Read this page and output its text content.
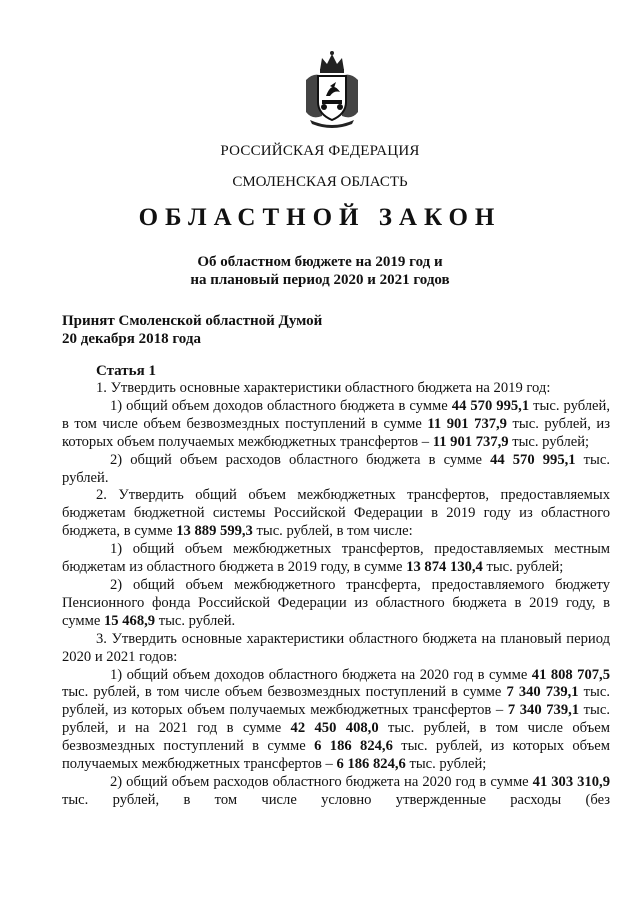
РОССИЙСКАЯ ФЕДЕРАЦИЯ
СМОЛЕНСКАЯ ОБЛАСТЬ
ОБЛАСТНОЙ ЗАКОН
Об областном бюджете на 2019 год и
на плановый период 2020 и 2021 годов
Принят Смоленской областной Думой
20 декабря 2018 года
Статья 1

1. Утвердить основные характеристики областного бюджета на 2019 год:

1) общий объем доходов областного бюджета в сумме 44 570 995,1 тыс. рублей, в том числе объем безвозмездных поступлений в сумме 11 901 737,9 тыс. рублей, из которых объем получаемых межбюджетных трансфертов – 11 901 737,9 тыс. рублей;

2) общий объем расходов областного бюджета в сумме 44 570 995,1 тыс. рублей.

2. Утвердить общий объем межбюджетных трансфертов, предоставляемых бюджетам бюджетной системы Российской Федерации в 2019 году из областного бюджета, в сумме 13 889 599,3 тыс. рублей, в том числе:

1) общий объем межбюджетных трансфертов, предоставляемых местным бюджетам из областного бюджета в 2019 году, в сумме 13 874 130,4 тыс. рублей;

2) общий объем межбюджетного трансферта, предоставляемого бюджету Пенсионного фонда Российской Федерации из областного бюджета в 2019 году, в сумме 15 468,9 тыс. рублей.

3. Утвердить основные характеристики областного бюджета на плановый период 2020 и 2021 годов:

1) общий объем доходов областного бюджета на 2020 год в сумме 41 808 707,5 тыс. рублей, в том числе объем безвозмездных поступлений в сумме 7 340 739,1 тыс. рублей, из которых объем получаемых межбюджетных трансфертов – 7 340 739,1 тыс. рублей, и на 2021 год в сумме 42 450 408,0 тыс. рублей, в том числе объем безвозмездных поступлений в сумме 6 186 824,6 тыс. рублей, из которых объем получаемых межбюджетных трансфертов – 6 186 824,6 тыс. рублей;

2) общий объем расходов областного бюджета на 2020 год в сумме 41 303 310,9 тыс. рублей, в том числе условно утвержденные расходы (без
